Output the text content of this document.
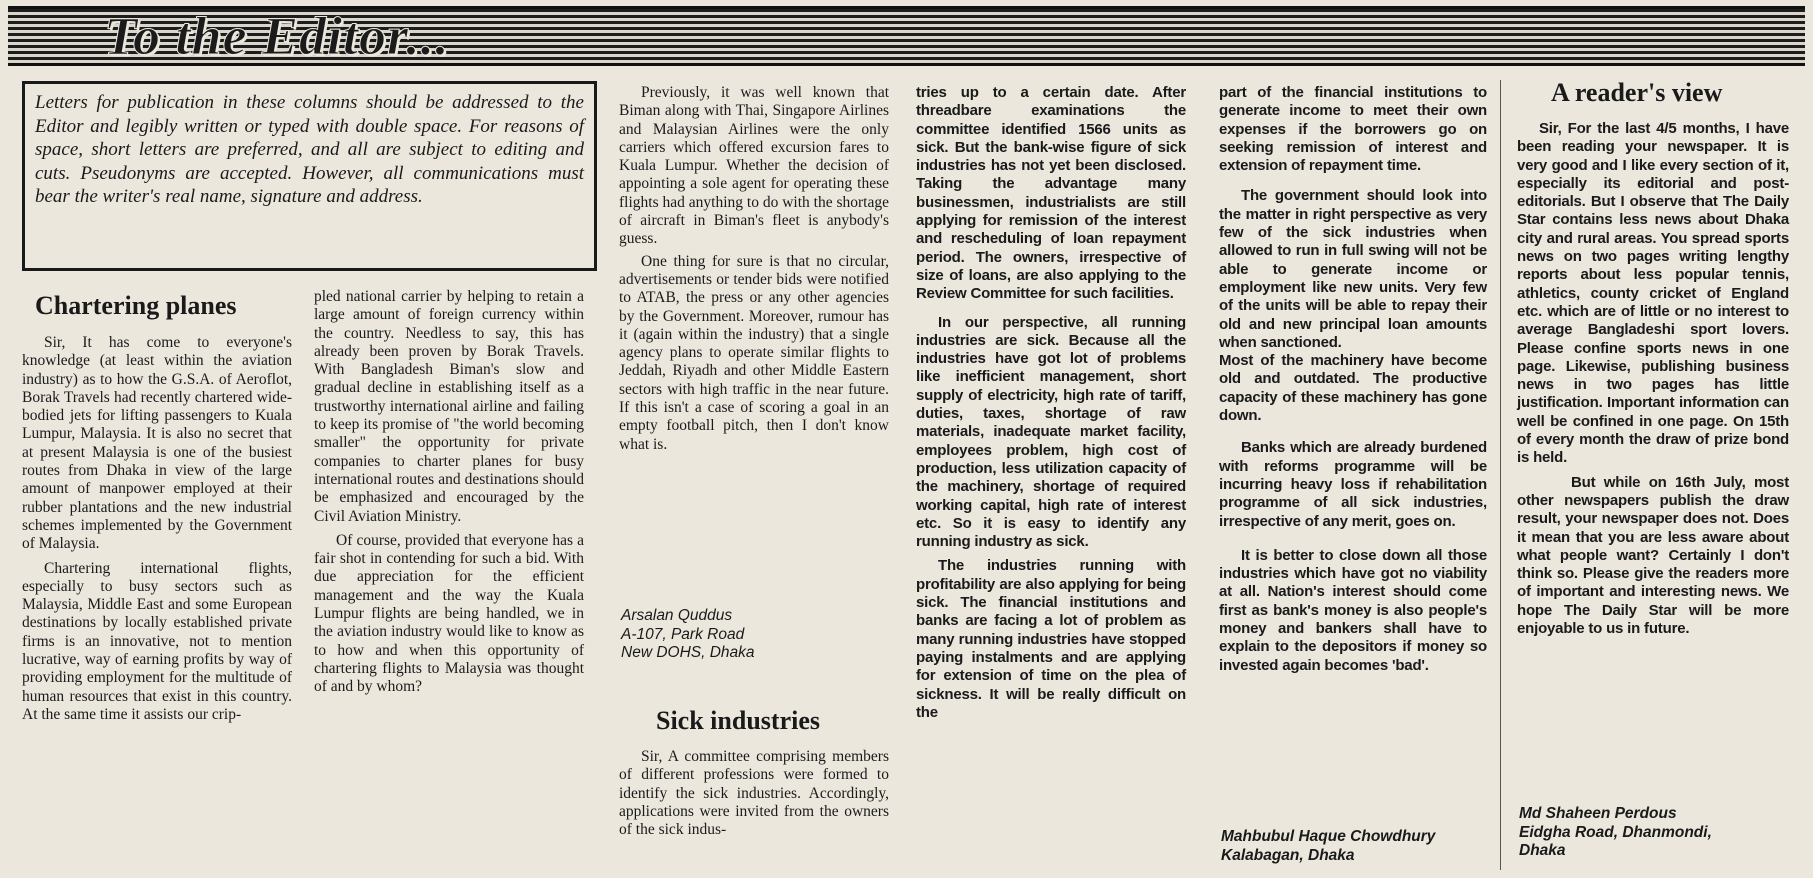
To the Editor...
Letters for publication in these columns should be addressed to the Editor and legibly written or typed with double space. For reasons of space, short letters are preferred, and all are subject to editing and cuts. Pseudonyms are accepted. However, all communications must bear the writer's real name, signature and address.
Chartering planes

Sir, It has come to everyone's knowledge (at least within the aviation industry) as to how the G.S.A. of Aeroflot, Borak Travels had recently chartered wide-bodied jets for lifting passengers to Kuala Lumpur, Malaysia. It is also no secret that at present Malaysia is one of the busiest routes from Dhaka in view of the large amount of manpower employed at their rubber plantations and the new industrial schemes implemented by the Government of Malaysia.

Chartering international flights, especially to busy sectors such as Malaysia, Middle East and some European destinations by locally established private firms is an innovative, not to mention lucrative, way of earning profits by way of providing employment for the multitude of human resources that exist in this country. At the same time it assists our crip-

pled national carrier by helping to retain a large amount of foreign currency within the country. Needless to say, this has already been proven by Borak Travels. With Bangladesh Biman's slow and gradual decline in establishing itself as a trustworthy international airline and failing to keep its promise of "the world becoming smaller" the opportunity for private companies to charter planes for busy international routes and destinations should be emphasized and encouraged by the Civil Aviation Ministry.

Of course, provided that everyone has a fair shot in contending for such a bid. With due appreciation for the efficient management and the way the Kuala Lumpur flights are being handled, we in the aviation industry would like to know as to how and when this opportunity of chartering flights to Malaysia was thought of and by whom?

Previously, it was well known that Biman along with Thai, Singapore Airlines and Malaysian Airlines were the only carriers which offered excursion fares to Kuala Lumpur. Whether the decision of appointing a sole agent for operating these flights had anything to do with the shortage of aircraft in Biman's fleet is anybody's guess.

One thing for sure is that no circular, advertisements or tender bids were notified to ATAB, the press or any other agencies by the Government. Moreover, rumour has it (again within the industry) that a single agency plans to operate similar flights to Jeddah, Riyadh and other Middle Eastern sectors with high traffic in the near future. If this isn't a case of scoring a goal in an empty football pitch, then I don't know what is.

Arsalan Quddus
A-107, Park Road
New DOHS, Dhaka
Sick industries

Sir, A committee comprising members of different professions were formed to identify the sick industries. Accordingly, applications were invited from the owners of the sick indus-

tries up to a certain date. After threadbare examinations the committee identified 1566 units as sick. But the bank-wise figure of sick industries has not yet been disclosed. Taking the advantage many businessmen, industrialists are still applying for remission of the interest and rescheduling of loan repayment period. The owners, irrespective of size of loans, are also applying to the Review Committee for such facilities.

In our perspective, all running industries are sick. Because all the industries have got lot of problems like inefficient management, short supply of electricity, high rate of tariff, duties, taxes, shortage of raw materials, inadequate market facility, employees problem, high cost of production, less utilization capacity of the machinery, shortage of required working capital, high rate of interest etc. So it is easy to identify any running industry as sick.

The industries running with profitability are also applying for being sick. The financial institutions and banks are facing a lot of problem as many running industries have stopped paying instalments and are applying for extension of time on the plea of sickness. It will be really difficult on the

part of the financial institutions to generate income to meet their own expenses if the borrowers go on seeking remission of interest and extension of repayment time.

The government should look into the matter in right perspective as very few of the sick industries when allowed to run in full swing will not be able to generate income or employment like new units. Very few of the units will be able to repay their old and new principal loan amounts when sanctioned.

Most of the machinery have become old and outdated. The productive capacity of these machinery has gone down.

Banks which are already burdened with reforms programme will be incurring heavy loss if rehabilitation programme of all sick industries, irrespective of any merit, goes on.

It is better to close down all those industries which have got no viability at all. Nation's interest should come first as bank's money is also people's money and bankers shall have to explain to the depositors if money so invested again becomes 'bad'.

Mahbubul Haque Chowdhury
Kalabagan, Dhaka
A reader's view

Sir, For the last 4/5 months, I have been reading your newspaper. It is very good and I like every section of it, especially its editorial and post-editorials. But I observe that The Daily Star contains less news about Dhaka city and rural areas. You spread sports news on two pages writing lengthy reports about less popular tennis, athletics, county cricket of England etc. which are of little or no interest to average Bangladeshi sport lovers. Please confine sports news in one page. Likewise, publishing business news in two pages has little justification. Important information can well be confined in one page. On 15th of every month the draw of prize bond is held.

But while on 16th July, most other newspapers publish the draw result, your newspaper does not. Does it mean that you are less aware about what people want? Certainly I don't think so. Please give the readers more of important and interesting news. We hope The Daily Star will be more enjoyable to us in future.

Md Shaheen Perdous
Eidgha Road, Dhanmondi,
Dhaka
